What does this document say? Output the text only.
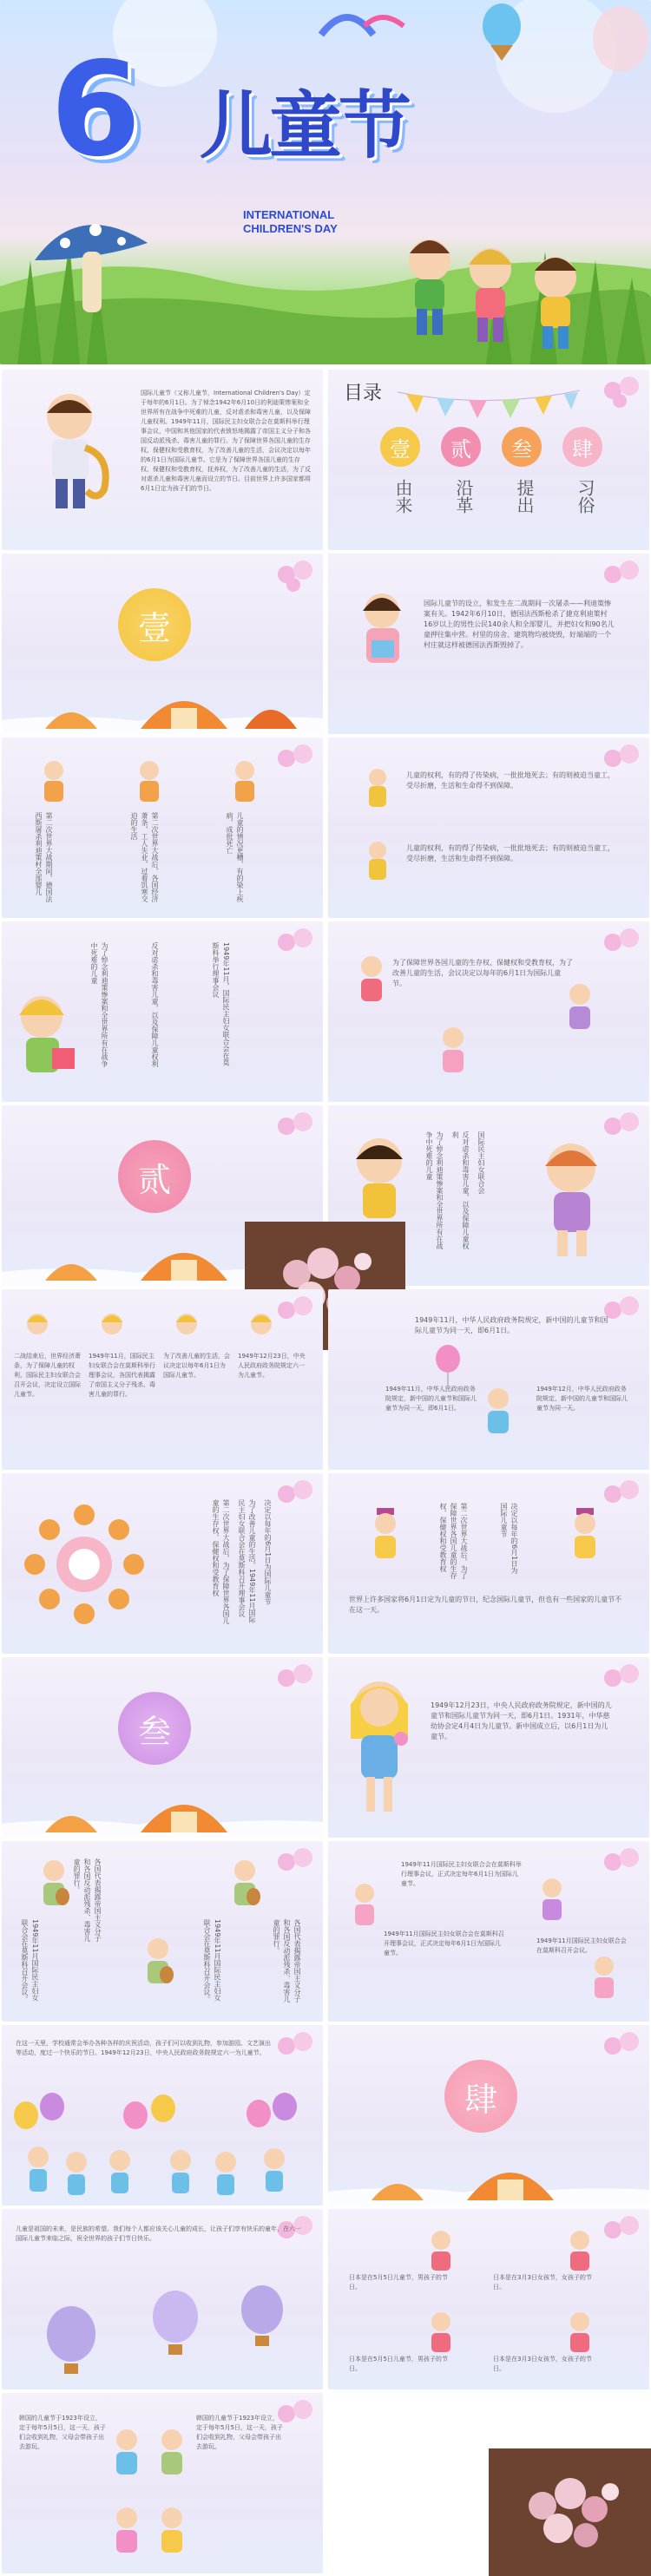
6 儿童节
INTERNATIONAL
CHILDREN'S DAY
国际儿童节（又称儿童节，International Children's Day）定于每年的6月1日。为了悼念1942年6月10日的利迪策惨案和全世界所有在战争中死难的儿童，反对虐杀和毒害儿童，以及保障儿童权利。1949年11月，国际民主妇女联合会在莫斯科举行理事会议，中国和其他国家的代表愤怒地揭露了帝国主义分子和各国反动派残杀、毒害儿童的罪行。为了保障世界各国儿童的生存权、保健权和受教育权，为了改善儿童的生活，会议决定以每年的6月1日为国际儿童节。它是为了保障世界各国儿童的生存权、保健权和受教育权，抚养权，为了改善儿童的生活，为了反对虐杀儿童和毒害儿童而设立的节日。目前世界上许多国家都将6月1日定为孩子们的节日。
目录
壹	贰	叁	肆
由来 沿革 提出 习俗
壹
国际儿童节的设立，和发生在二战期间一次屠杀——利迪策惨案有关。1942年6月10日，德国法西斯枪杀了捷克利迪策村16岁以上的男性公民140余人和全部婴儿，并把妇女和90名儿童押往集中营。村里的房舍、建筑物均被烧毁，好端端的一个村庄就这样被德国法西斯毁掉了。
第二次世界大战期间，德国法西斯屠杀利迪策村全部婴儿	第二次世界大战后，各国经济萧条，工人失业，过着饥寒交迫的生活	儿童的情况更糟，有的染上疾病，成批死亡
儿童的权利，有的得了传染病，一批批地死去；有的则被迫当童工，受尽折磨，生活和生命得不到保障。
儿童的权利，有的得了传染病，一批批地死去；有的则被迫当童工，受尽折磨，生活和生命得不到保障。
为了悼念利迪策惨案和全世界所有在战争中死难的儿童	反对虐杀和毒害儿童，以及保障儿童权利	1949年11月，国际民主妇女联合会在莫斯科举行理事会议	为了保障世界各国儿童的生存权、保健权和受教育权，为了改善儿童的生活，会议决定以每年的6月1日为国际儿童节。
贰	为了悼念利迪策惨案和全世界所有在战争中死难的儿童	反对虐杀和毒害儿童，以及保障儿童权利	国际民主妇女联合会
二战结束后，世界经济萧条，为了保障儿童的权利，国际民主妇女联合会召开会议，决定设立国际儿童节。
1949年11月，国际民主妇女联合会在莫斯科举行理事会议，各国代表揭露了帝国主义分子残杀、毒害儿童的罪行。
为了改善儿童的生活，会议决定以每年6月1日为国际儿童节。
1949年12月23日，中央人民政府政务院规定六一为儿童节。
1949年11月，中华人民政府政务院规定，新中国的儿童节和国际儿童节为同一天，即6月1日。
1949年11月，中华人民政府政务院规定，新中国的儿童节和国际儿童节为同一天，即6月1日。
1949年12月，中华人民政府政务院规定，新中国的儿童节和国际儿童节为同一天。
第二次世界大战后，为了保障世界各国儿童的生存权、保健权和受教育权	为了改善儿童的生活，1949年11月国际民主妇女联合会在莫斯科召开理事会议	决定以每年的6月1日为国际儿童节	第二次世界大战后，为了保障世界各国儿童的生存权、保健权和受教育权	决定以每年的6月1日为国际儿童节
世界上许多国家将6月1日定为儿童的节日，纪念国际儿童节，但也有一些国家的儿童节不在这一天。
叁
1949年12月23日，中央人民政府政务院规定，新中国的儿童节和国际儿童节为同一天，即6月1日。1931年，中华慈幼协会定4月4日为儿童节。新中国成立后，以6月1日为儿童节。
1949年11月国际民主妇女联合会在莫斯科召开会议。
各国代表揭露帝国主义分子和各国反动派残杀、毒害儿童的罪行。
1949年11月国际民主妇女联合会在莫斯科召开会议。	各国代表揭露帝国主义分子和各国反动派残杀、毒害儿童的罪行。
1949年11月国际民主妇女联合会在莫斯科举行理事会议，正式决定每年6月1日为国际儿童节。
1949年11月国际民主妇女联合会在莫斯科召开理事会议，正式决定每年6月1日为国际儿童节。
1949年11月国际民主妇女联合会在莫斯科召开会议。
在这一天里，学校通常会举办各种各样的庆祝活动，孩子们可以收到礼物，参加游园、文艺演出等活动，度过一个快乐的节日。1949年12月23日，中央人民政府政务院规定六一为儿童节。
肆
儿童是祖国的未来，是民族的希望。我们每个人都应该关心儿童的成长，让孩子们享有快乐的童年，在六一国际儿童节来临之际，祝全世界的孩子们节日快乐。
日本是在5月5日儿童节，男孩子的节日。
日本是在3月3日女孩节，女孩子的节日。
日本是在5月5日儿童节，男孩子的节日。
日本是在3月3日女孩节，女孩子的节日。
韩国的儿童节于1923年设立，定于每年5月5日，这一天，孩子们会收到礼物，父母会带孩子出去游玩。
韩国的儿童节于1923年设立，定于每年5月5日，这一天，孩子们会收到礼物，父母会带孩子出去游玩。
